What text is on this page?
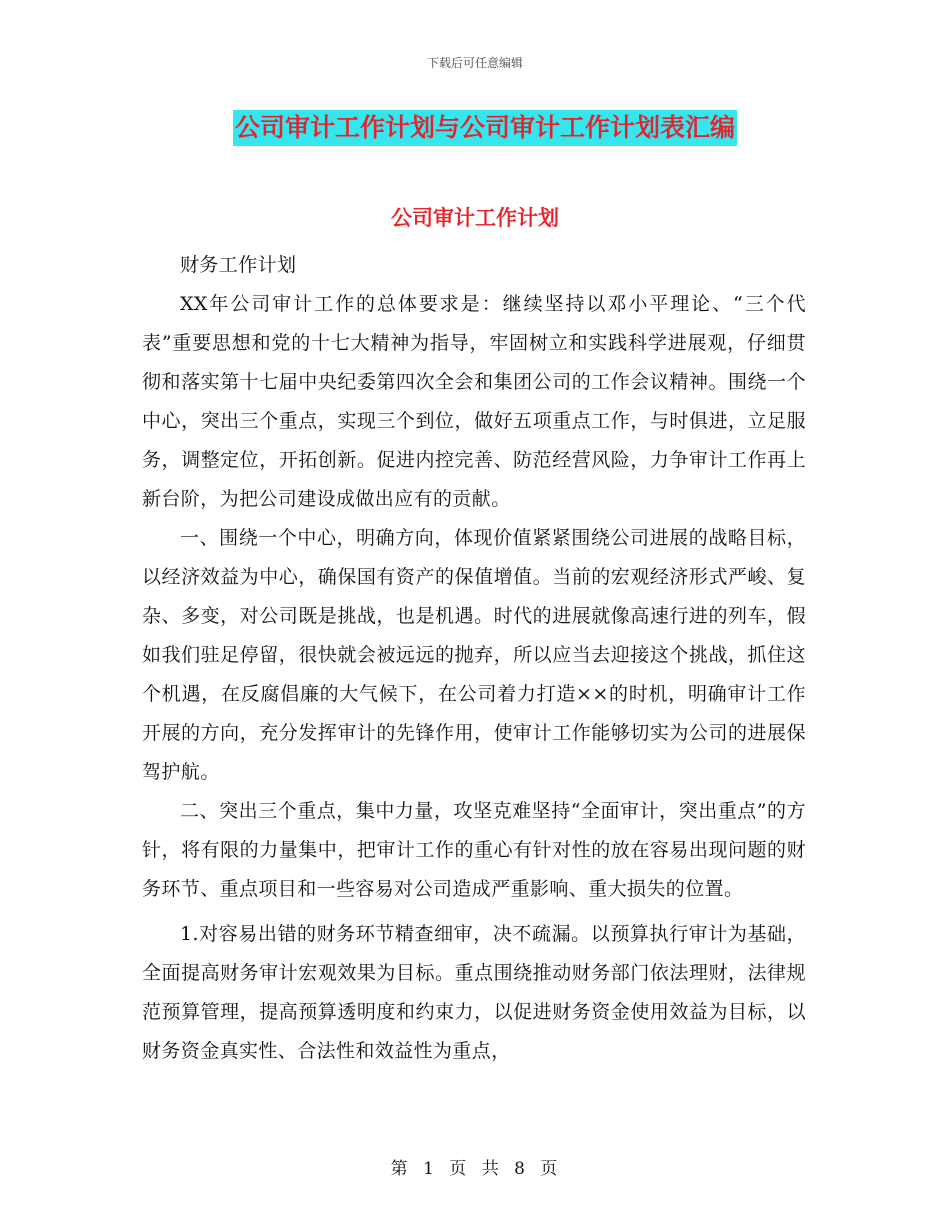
下载后可任意编辑
公司审计工作计划与公司审计工作计划表汇编
公司审计工作计划

财务工作计划

XX年公司审计工作的总体要求是：继续坚持以邓小平理论、“三个代表”重要思想和党的十七大精神为指导，牢固树立和实践科学进展观，仔细贯彻和落实第十七届中央纪委第四次全会和集团公司的工作会议精神。围绕一个中心，突出三个重点，实现三个到位，做好五项重点工作，与时俱进，立足服务，调整定位，开拓创新。促进内控完善、防范经营风险，力争审计工作再上新台阶，为把公司建设成做出应有的贡献。

一、围绕一个中心，明确方向，体现价值紧紧围绕公司进展的战略目标，以经济效益为中心，确保国有资产的保值增值。当前的宏观经济形式严峻、复杂、多变，对公司既是挑战，也是机遇。时代的进展就像高速行进的列车，假如我们驻足停留，很快就会被远远的抛弃，所以应当去迎接这个挑战，抓住这个机遇，在反腐倡廉的大气候下，在公司着力打造××的时机，明确审计工作开展的方向，充分发挥审计的先锋作用，使审计工作能够切实为公司的进展保驾护航。

二、突出三个重点，集中力量，攻坚克难坚持“全面审计，突出重点”的方针，将有限的力量集中，把审计工作的重心有针对性的放在容易出现问题的财务环节、重点项目和一些容易对公司造成严重影响、重大损失的位置。

1.对容易出错的财务环节精查细审，决不疏漏。以预算执行审计为基础，全面提高财务审计宏观效果为目标。重点围绕推动财务部门依法理财，法律规范预算管理，提高预算透明度和约束力，以促进财务资金使用效益为目标，以财务资金真实性、合法性和效益性为重点，

第 1 页 共 8 页
